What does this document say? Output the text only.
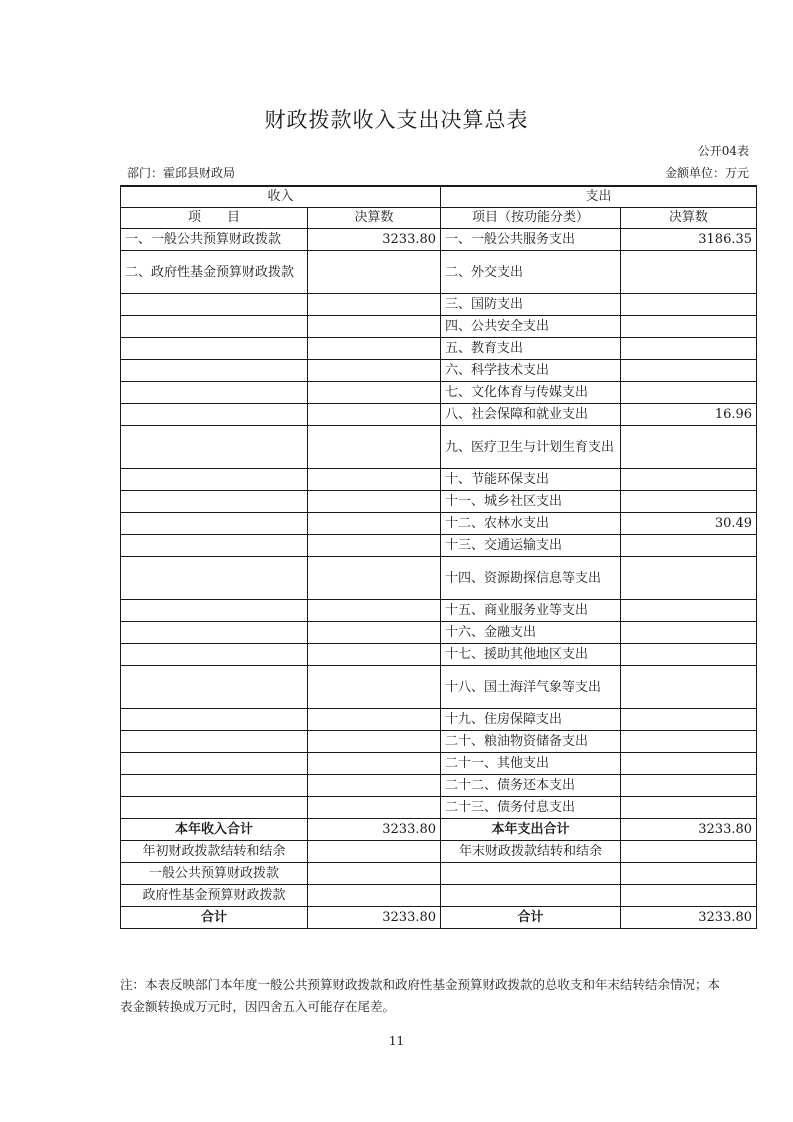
财政拨款收入支出决算总表
公开04表
部门：霍邱县财政局	金额单位：万元
收入		支出	
项　　目	决算数	项目（按功能分类）	决算数
一、一般公共预算财政拨款	3233.80	一、一般公共服务支出	3186.35
二、政府性基金预算财政拨款		二、外交支出	
		三、国防支出	
		四、公共安全支出	
		五、教育支出	
		六、科学技术支出	
		七、文化体育与传媒支出	
		八、社会保障和就业支出	16.96
		九、医疗卫生与计划生育支出	
		十、节能环保支出	
		十一、城乡社区支出	
		十二、农林水支出	30.49
		十三、交通运输支出	
		十四、资源勘探信息等支出	
		十五、商业服务业等支出	
		十六、金融支出	
		十七、援助其他地区支出	
		十八、国土海洋气象等支出	
		十九、住房保障支出	
		二十、粮油物资储备支出	
		二十一、其他支出	
		二十二、债务还本支出	
		二十三、债务付息支出	
本年收入合计	3233.80	本年支出合计	3233.80
年初财政拨款结转和结余		年末财政拨款结转和结余	
一般公共预算财政拨款			
政府性基金预算财政拨款			
合计	3233.80	合计	3233.80
注：本表反映部门本年度一般公共预算财政拨款和政府性基金预算财政拨款的总收支和年末结转结余情况；本表金额转换成万元时，因四舍五入可能存在尾差。
11
